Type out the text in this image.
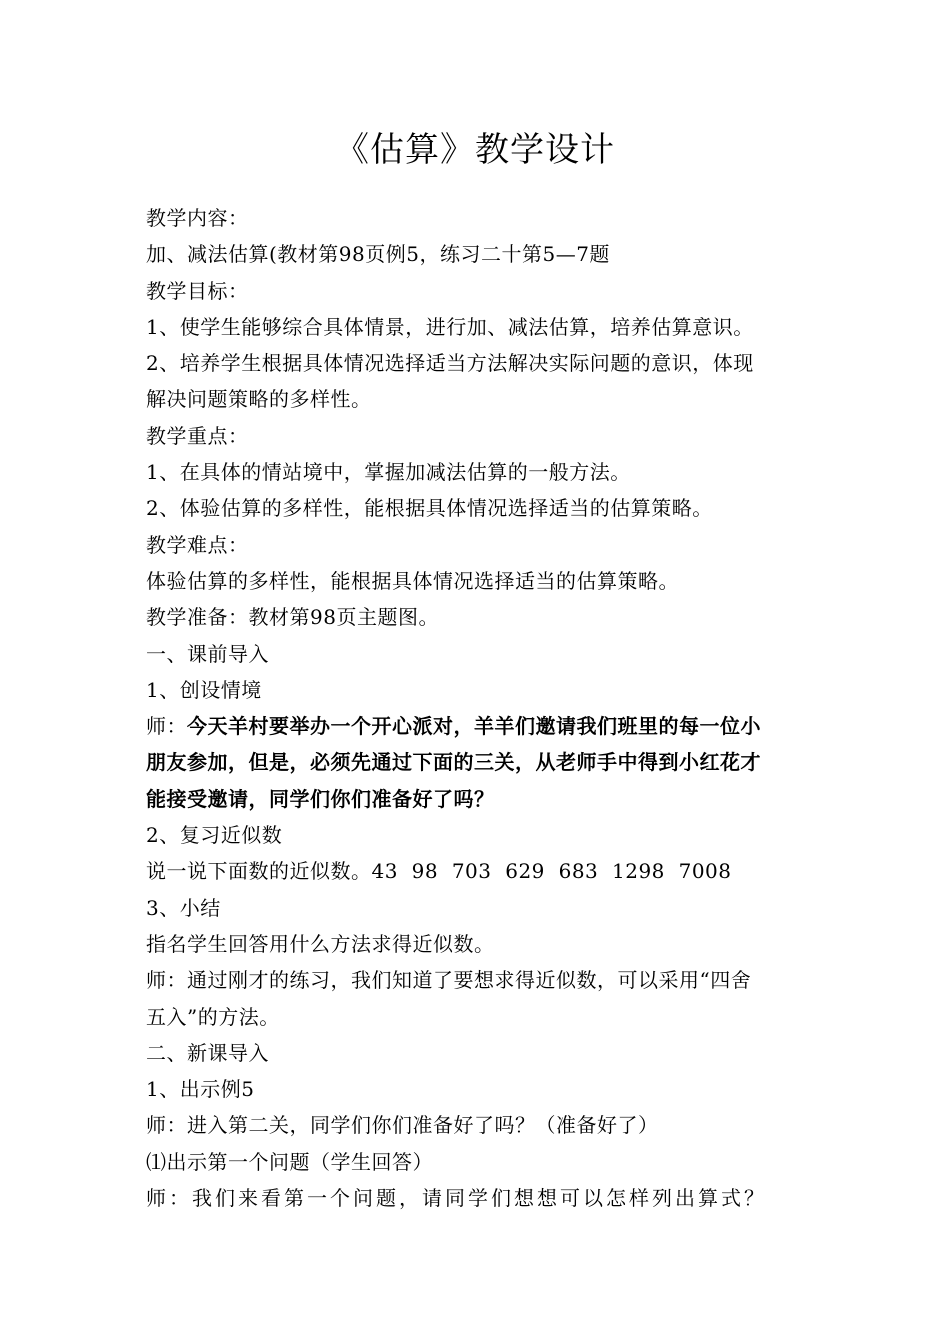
《估算》教学设计
教学内容：
加、减法估算(教材第98页例5，练习二十第5—7题
教学目标：
1、使学生能够综合具体情景，进行加、减法估算，培养估算意识。
2、培养学生根据具体情况选择适当方法解决实际问题的意识，体现
解决问题策略的多样性。
教学重点：
1、在具体的情站境中，掌握加减法估算的一般方法。
2、体验估算的多样性，能根据具体情况选择适当的估算策略。
教学难点：
体验估算的多样性，能根据具体情况选择适当的估算策略。
教学准备：教材第98页主题图。
一、课前导入
1、创设情境
师：今天羊村要举办一个开心派对，羊羊们邀请我们班里的每一位小
朋友参加，但是，必须先通过下面的三关，从老师手中得到小红花才
能接受邀请，同学们你们准备好了吗？
2、复习近似数
说一说下面数的近似数。43  98  703  629  683  1298  7008
3、小结
指名学生回答用什么方法求得近似数。
师：通过刚才的练习，我们知道了要想求得近似数，可以采用“四舍
五入”的方法。
二、新课导入
1、出示例5
师：进入第二关，同学们你们准备好了吗？（准备好了）
⑴出示第一个问题（学生回答）
师：我们来看第一个问题，请同学们想想可以怎样列出算式？
